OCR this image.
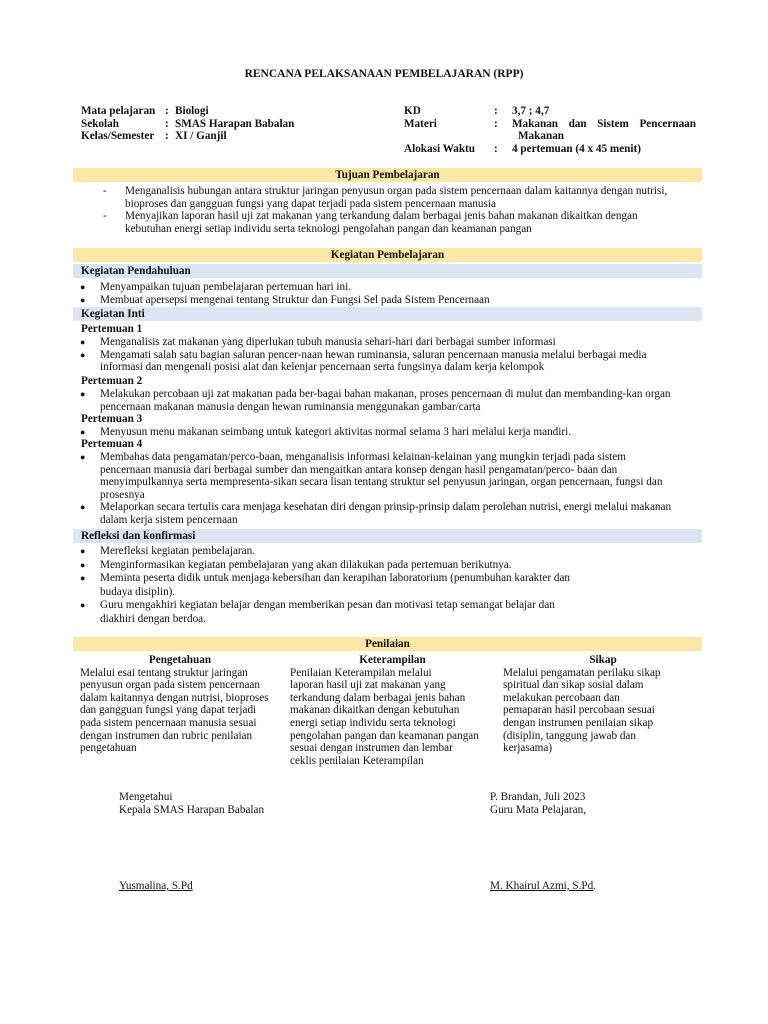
RENCANA PELAKSANAAN PEMBELAJARAN (RPP)
Mata pelajaran : Biologi
Sekolah	: SMAS Harapan Babalan
Kelas/Semester : XI / Ganjil
KD	:	3,7 ; 4,7
Materi	:	Makanan dan Sistem Pencernaan
Makanan
Alokasi Waktu	:	4 pertemuan (4 x 45 menit)
Tujuan Pembelajaran
-	Menganalisis hubungan antara struktur jaringan penyusun organ pada sistem pencernaan dalam kaitannya dengan nutrisi,
bioproses dan gangguan fungsi yang dapat terjadi pada sistem pencernaan manusia
-	Menyajikan laporan hasil uji zat makanan yang terkandung dalam berbagai jenis bahan makanan dikaitkan dengan
kebutuhan energi setiap individu serta teknologi pengolahan pangan dan keamanan pangan
Kegiatan Pembelajaran
Kegiatan Pendahuluan
●	Menyampaikan tujuan pembelajaran pertemuan hari ini.
●	Membuat apersepsi mengenai tentang Struktur dan Fungsi Sel pada Sistem Pencernaan
Kegiatan Inti
Pertemuan 1
●	Menganalisis zat makanan yang diperlukan tubuh manusia sehari-hari dari berbagai sumber informasi
●	Mengamati salah satu bagian saluran pencer-naan hewan ruminansia, saluran pencernaan manusia melalui berbagai media
informasi dan mengenali posisi alat dan kelenjar pencernaan serta fungsinya dalam kerja kelompok
Pertemuan 2
●	Melakukan percobaan uji zat makanan pada ber-bagai bahan makanan, proses pencernaan di mulut dan membanding-kan organ
pencernaan makanan manusia dengan hewan ruminansia menggunakan gambar/carta
Pertemuan 3
●	Menyusun menu makanan seimbang untuk kategori aktivitas normal selama 3 hari melalui kerja mandiri.
Pertemuan 4
●	Membahas data pengamatan/perco-baan, menganalisis informasi kelainan-kelainan yang mungkin terjadi pada sistem
pencernaan manusia dari berbagai sumber dan mengaitkan antara konsep dengan hasil pengamatan/perco- baan dan
menyimpulkannya serta mempresenta-sikan secara lisan tentang struktur sel penyusun jaringan, organ pencernaan, fungsi dan
prosesnya
●	Melaporkan secara tertulis cara menjaga kesehatan diri dengan prinsip-prinsip dalam perolehan nutrisi, energi melalui makanan
dalam kerja sistem pencernaan
Refleksi dan konfirmasi
●	Merefleksi kegiatan pembelajaran.
●	Menginformasikan kegiatan pembelajaran yang akan dilakukan pada pertemuan berikutnya.
●	Meminta peserta didik untuk menjaga kebersihan dan kerapihan laboratorium (penumbuhan karakter dan
budaya disiplin).
●	Guru mengakhiri kegiatan belajar dengan memberikan pesan dan motivasi tetap semangat belajar dan
diakhiri dengan berdoa.
Penilaian
Pengetahuan
Melalui esai tentang struktur jaringan
penyusun organ pada sistem pencernaan
dalam kaitannya dengan nutrisi, bioproses
dan gangguan fungsi yang dapat terjadi
pada sistem pencernaan manusia sesuai
dengan instrumen dan rubric penilaian
pengetahuan
Keterampilan
Penilaian Keterampilan melalui
laporan hasil uji zat makanan yang
terkandung dalam berbagai jenis bahan
makanan dikaitkan dengan kebutuhan
energi setiap individu serta teknologi
pengolahan pangan dan keamanan pangan
sesuai dengan instrumen dan lembar
ceklis penilaian Keterampilan
Sikap
Melalui pengamatan perilaku sikap
spiritual dan sikap sosial dalam
melakukan percobaan dan
pemaparan hasil percobaan sesuai
dengan instrumen penilaian sikap
(disiplin, tanggung jawab dan
kerjasama)
Mengetahui
Kepala SMAS Harapan Babalan
Yusmalina, S.Pd
P. Brandan, Juli 2023
Guru Mata Pelajaran,
M. Khairul Azmi, S.Pd.
